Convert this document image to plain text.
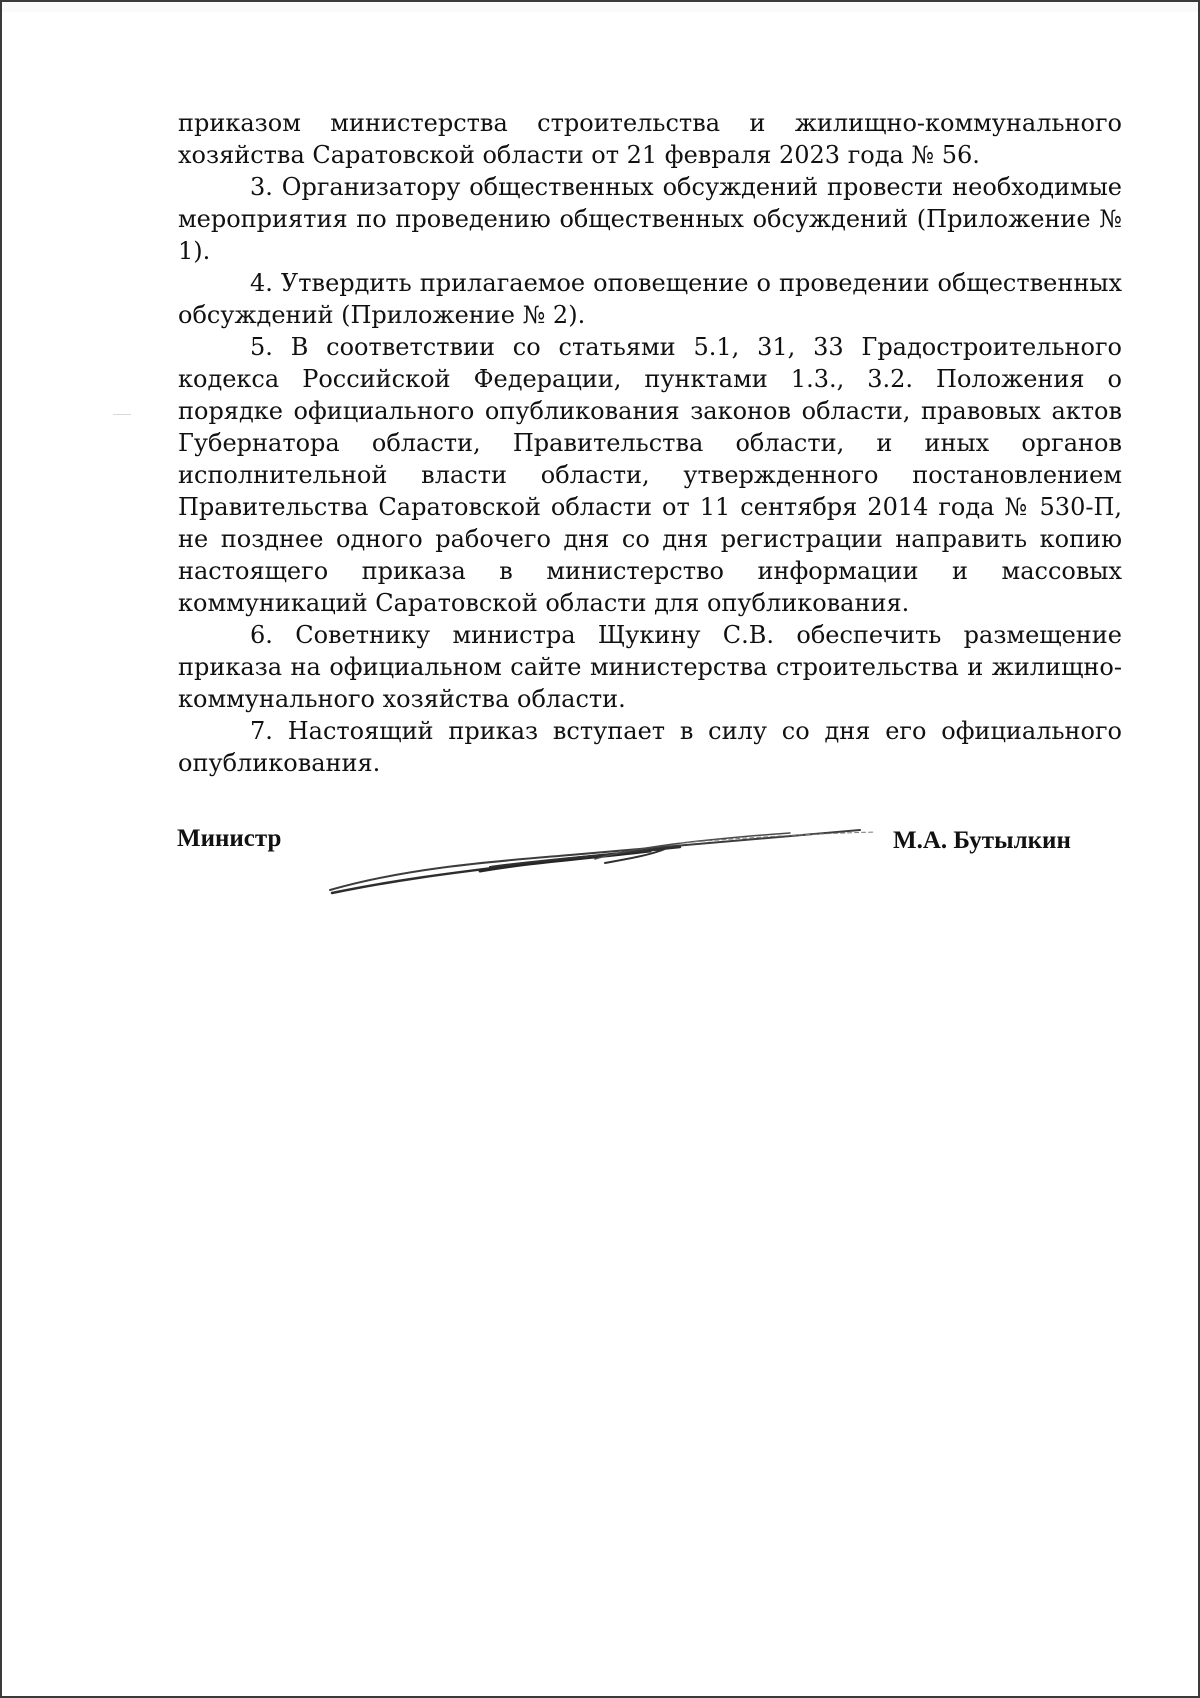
приказом министерства строительства и жилищно-коммунального хозяйства Саратовской области от 21 февраля 2023 года № 56.

3. Организатору общественных обсуждений провести необходимые мероприятия по проведению общественных обсуждений (Приложение № 1).

4. Утвердить прилагаемое оповещение о проведении общественных обсуждений (Приложение № 2).

5. В соответствии со статьями 5.1, 31, 33 Градостроительного кодекса Российской Федерации, пунктами 1.3., 3.2. Положения о порядке официального опубликования законов области, правовых актов Губернатора области, Правительства области, и иных органов исполнительной власти области, утвержденного постановлением Правительства Саратовской области от 11 сентября 2014 года № 530-П, не позднее одного рабочего дня со дня регистрации направить копию настоящего приказа в министерство информации и массовых коммуникаций Саратовской области для опубликования.

6. Советнику министра Щукину С.В. обеспечить размещение приказа на официальном сайте министерства строительства и жилищно-коммунального хозяйства области.

7. Настоящий приказ вступает в силу со дня его официального опубликования.

Министр	М.А. Бутылкин
